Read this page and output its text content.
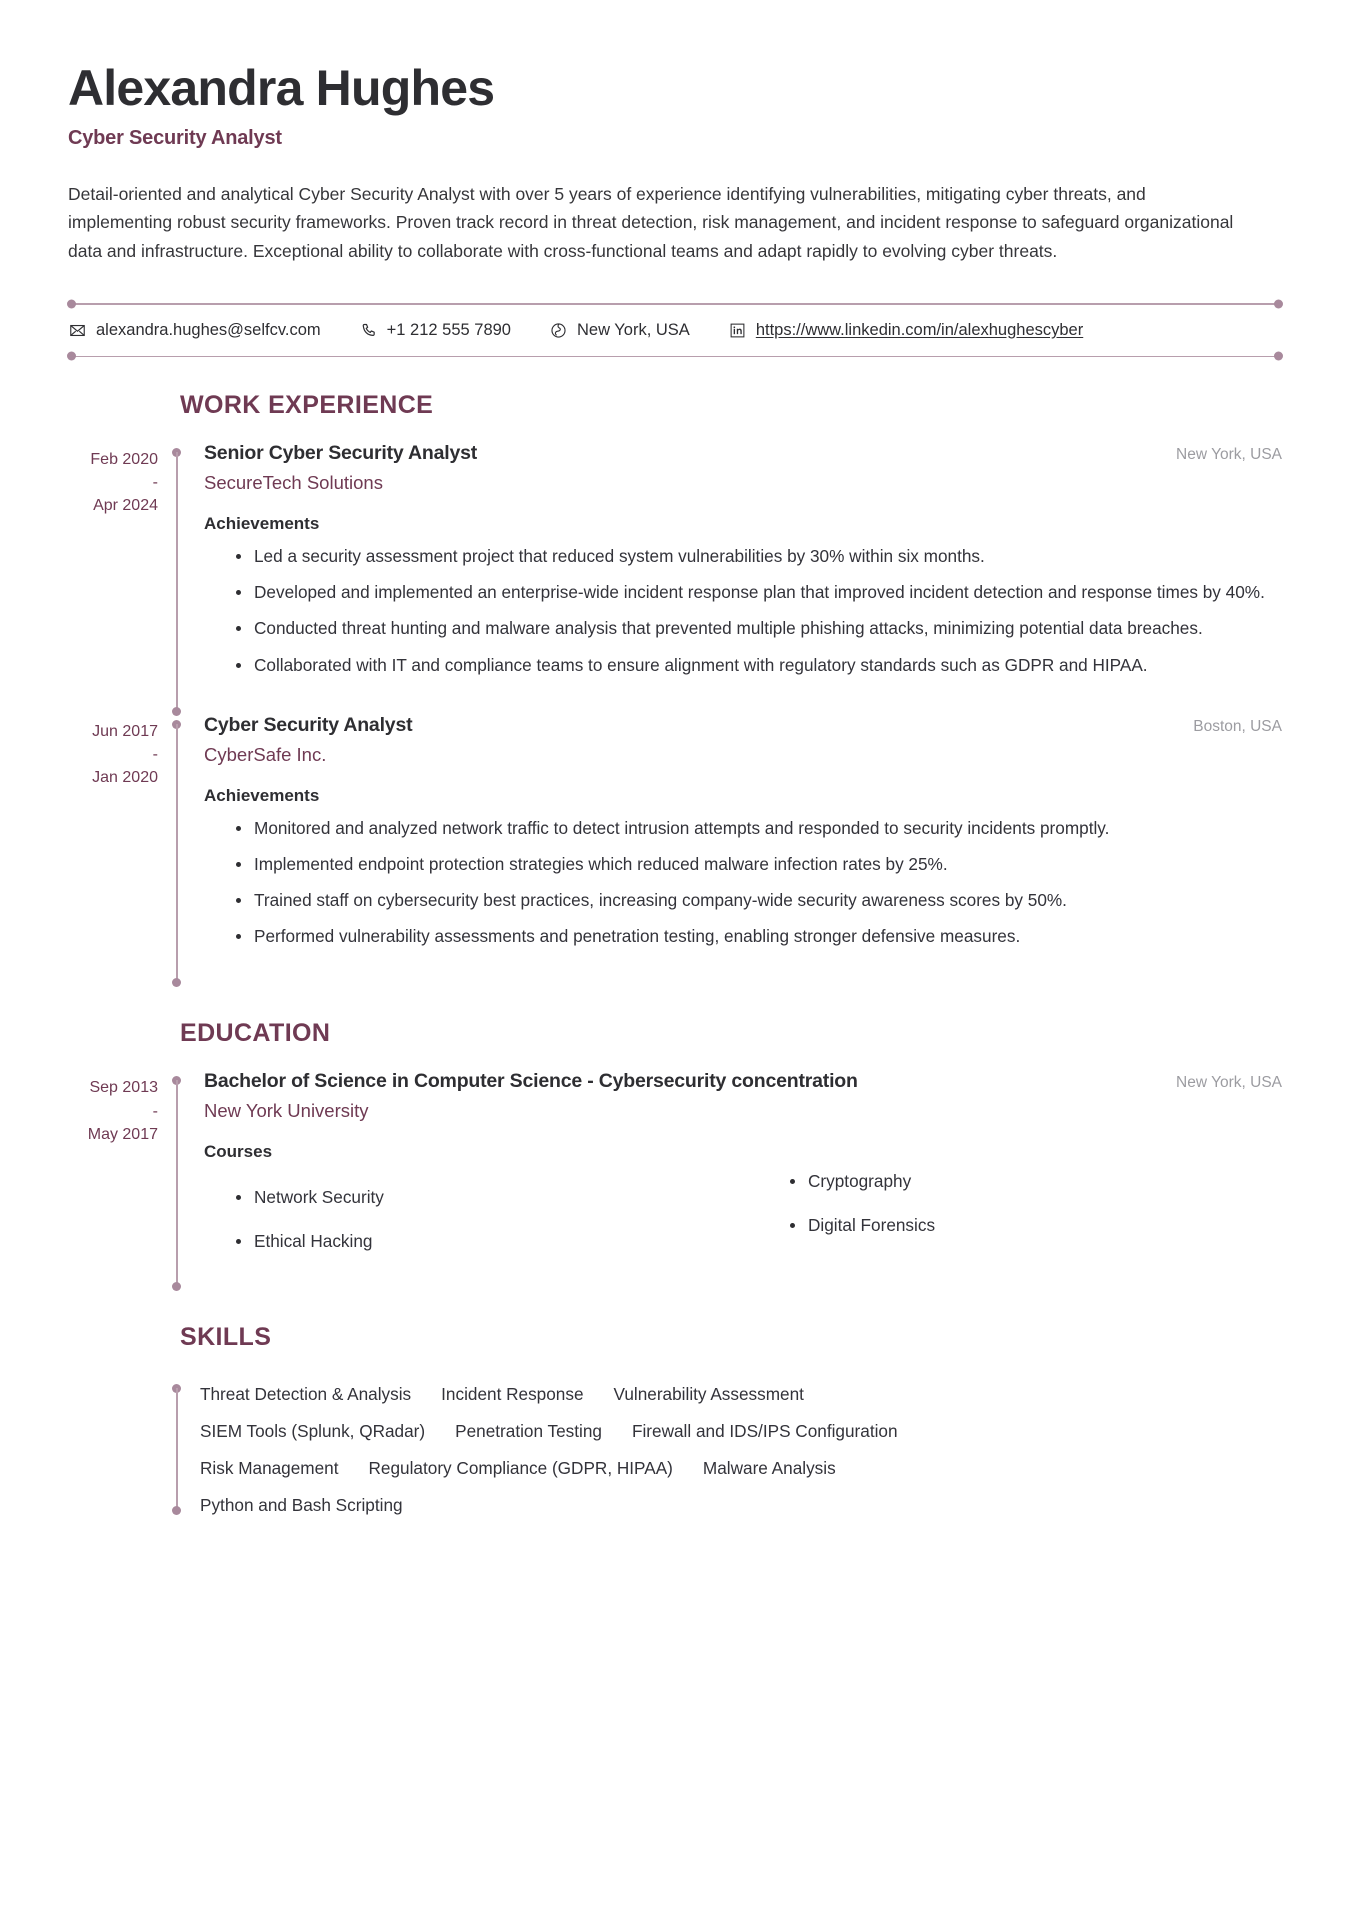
Alexandra Hughes
Cyber Security Analyst

Detail-oriented and analytical Cyber Security Analyst with over 5 years of experience identifying vulnerabilities, mitigating cyber threats, and implementing robust security frameworks. Proven track record in threat detection, risk management, and incident response to safeguard organizational data and infrastructure. Exceptional ability to collaborate with cross-functional teams and adapt rapidly to evolving cyber threats.

alexandra.hughes@selfcv.com	+1 212 555 7890	New York, USA	https://www.linkedin.com/in/alexhughescyber
WORK EXPERIENCE
Feb 2020
-
Apr 2024
Senior Cyber Security Analyst	New York, USA
SecureTech Solutions
Achievements
Led a security assessment project that reduced system vulnerabilities by 30% within six months.
Developed and implemented an enterprise-wide incident response plan that improved incident detection and response times by 40%.
Conducted threat hunting and malware analysis that prevented multiple phishing attacks, minimizing potential data breaches.
Collaborated with IT and compliance teams to ensure alignment with regulatory standards such as GDPR and HIPAA.
Jun 2017
-
Jan 2020
Cyber Security Analyst	Boston, USA
CyberSafe Inc.
Achievements
Monitored and analyzed network traffic to detect intrusion attempts and responded to security incidents promptly.
Implemented endpoint protection strategies which reduced malware infection rates by 25%.
Trained staff on cybersecurity best practices, increasing company-wide security awareness scores by 50%.
Performed vulnerability assessments and penetration testing, enabling stronger defensive measures.
EDUCATION
Sep 2013
-
May 2017
Bachelor of Science in Computer Science - Cybersecurity concentration	New York, USA
New York University
Courses
Network Security
Ethical Hacking
Cryptography
Digital Forensics
SKILLS
Threat Detection & Analysis Incident Response Vulnerability Assessment
SIEM Tools (Splunk, QRadar) Penetration Testing Firewall and IDS/IPS Configuration
Risk Management Regulatory Compliance (GDPR, HIPAA) Malware Analysis
Python and Bash Scripting
